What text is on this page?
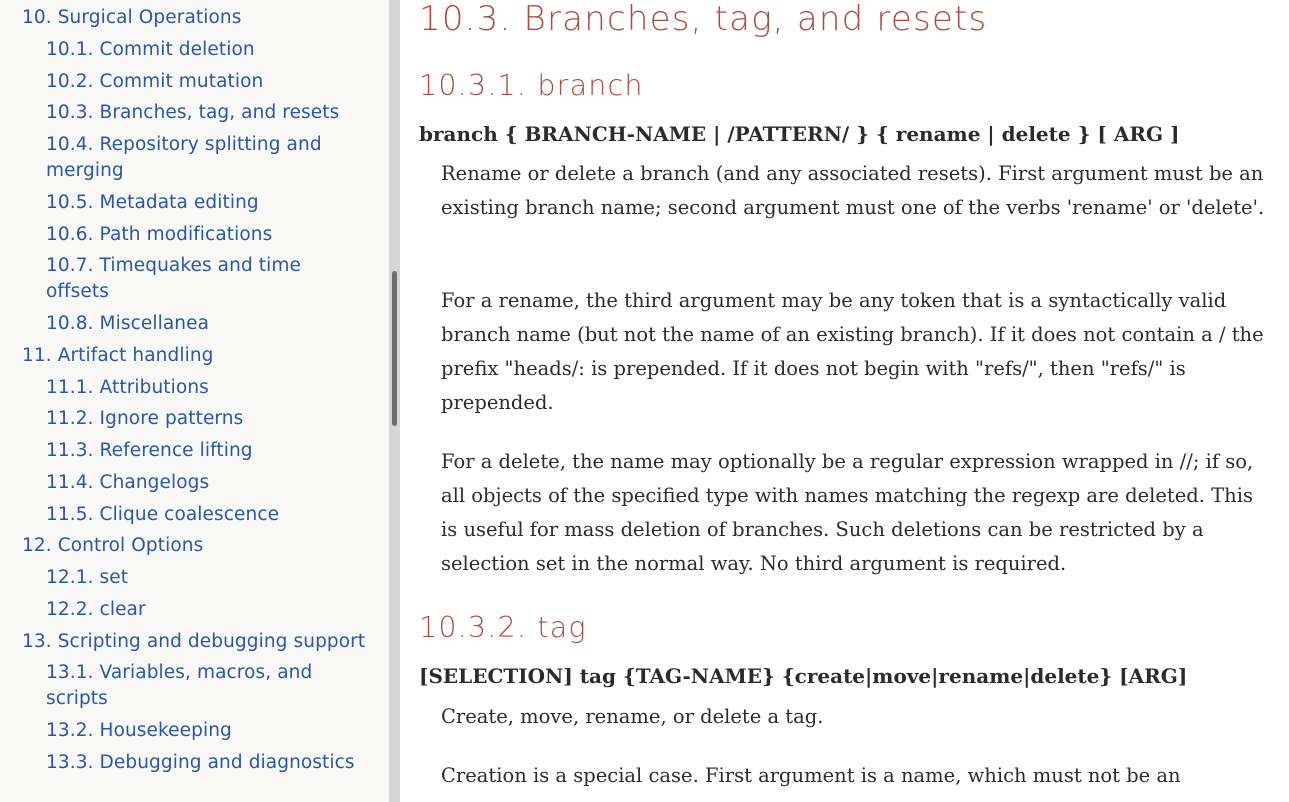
10. Surgical Operations
10.1. Commit deletion
10.2. Commit mutation
10.3. Branches, tag, and resets
10.4. Repository splitting and merging
10.5. Metadata editing
10.6. Path modifications
10.7. Timequakes and time offsets
10.8. Miscellanea
11. Artifact handling
11.1. Attributions
11.2. Ignore patterns
11.3. Reference lifting
11.4. Changelogs
11.5. Clique coalescence
12. Control Options
12.1. set
12.2. clear
13. Scripting and debugging support
13.1. Variables, macros, and scripts
13.2. Housekeeping
13.3. Debugging and diagnostics
10.3. Branches, tag, and resets
10.3.1. branch

branch { BRANCH-NAME | /PATTERN/ } { rename | delete } [ ARG ]

Rename or delete a branch (and any associated resets). First argument must be an existing branch name; second argument must one of the verbs 'rename' or 'delete'.

For a rename, the third argument may be any token that is a syntactically valid branch name (but not the name of an existing branch). If it does not contain a / the prefix "heads/: is prepended. If it does not begin with "refs/", then "refs/" is prepended.

For a delete, the name may optionally be a regular expression wrapped in //; if so, all objects of the specified type with names matching the regexp are deleted. This is useful for mass deletion of branches. Such deletions can be restricted by a selection set in the normal way. No third argument is required.

10.3.2. tag

[SELECTION] tag {TAG-NAME} {create|move|rename|delete} [ARG]

Create, move, rename, or delete a tag.

Creation is a special case. First argument is a name, which must not be an
